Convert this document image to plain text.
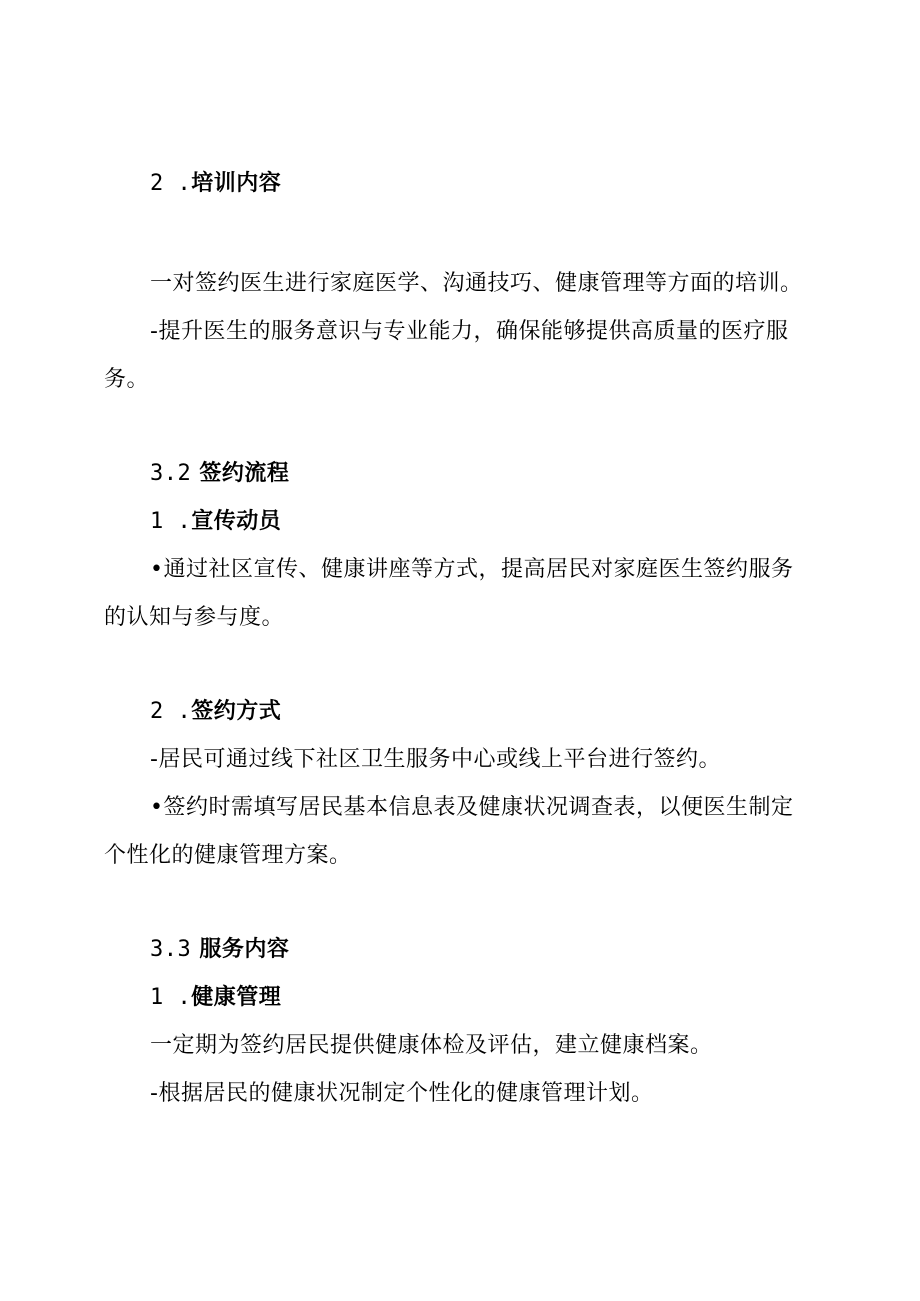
2 .培训内容
一对签约医生进行家庭医学、沟通技巧、健康管理等方面的培训。
-提升医生的服务意识与专业能力，确保能够提供高质量的医疗服
务。
3.2 签约流程
1 .宣传动员
•通过社区宣传、健康讲座等方式，提高居民对家庭医生签约服务
的认知与参与度。
2 .签约方式
-居民可通过线下社区卫生服务中心或线上平台进行签约。
•签约时需填写居民基本信息表及健康状况调查表，以便医生制定
个性化的健康管理方案。
3.3 服务内容
1 .健康管理
一定期为签约居民提供健康体检及评估，建立健康档案。
-根据居民的健康状况制定个性化的健康管理计划。
